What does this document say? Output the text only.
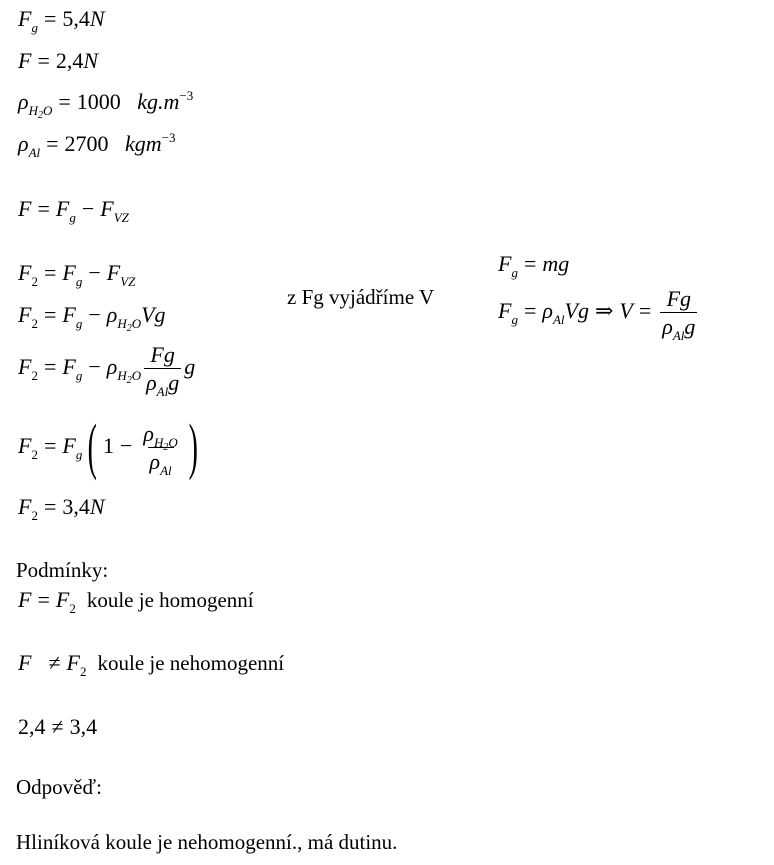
$F_g = 5,4N$
F = 2,4N
$\rho_{H_2O} = 1000$ $kg.m^{-3}$
$\rho_{Al} = 2700$ kgm$^{-3}$
$F = F_g - F_{VZ}$
$F_2 = F_g - F_{VZ}$
$F_2 = F_g - \rho_{H_2O}Vg$
$F_2 = F_g - \rho_{H_2O} \frac{Fg}{\rho_{Al}g}$ g
$F_2 = F_g$( $1 - \frac{\rho_{H_2O}}{\rho_{Al}}$ )
$F_2 = 3,4N$
z Fg vyjádříme V
$F_g$ = mg
$F_g = \rho_{Al}Vg$ ⇒ $V = \frac{Fg}{\rho_{Al}g}$
Podmínky:
$F = F_2$ koule je homogenní
$F \ne F_2$ koule je nehomogenní
2,4 ≠ 3,4
Odpověď:
Hliníková koule je nehomogenní., má dutinu.
